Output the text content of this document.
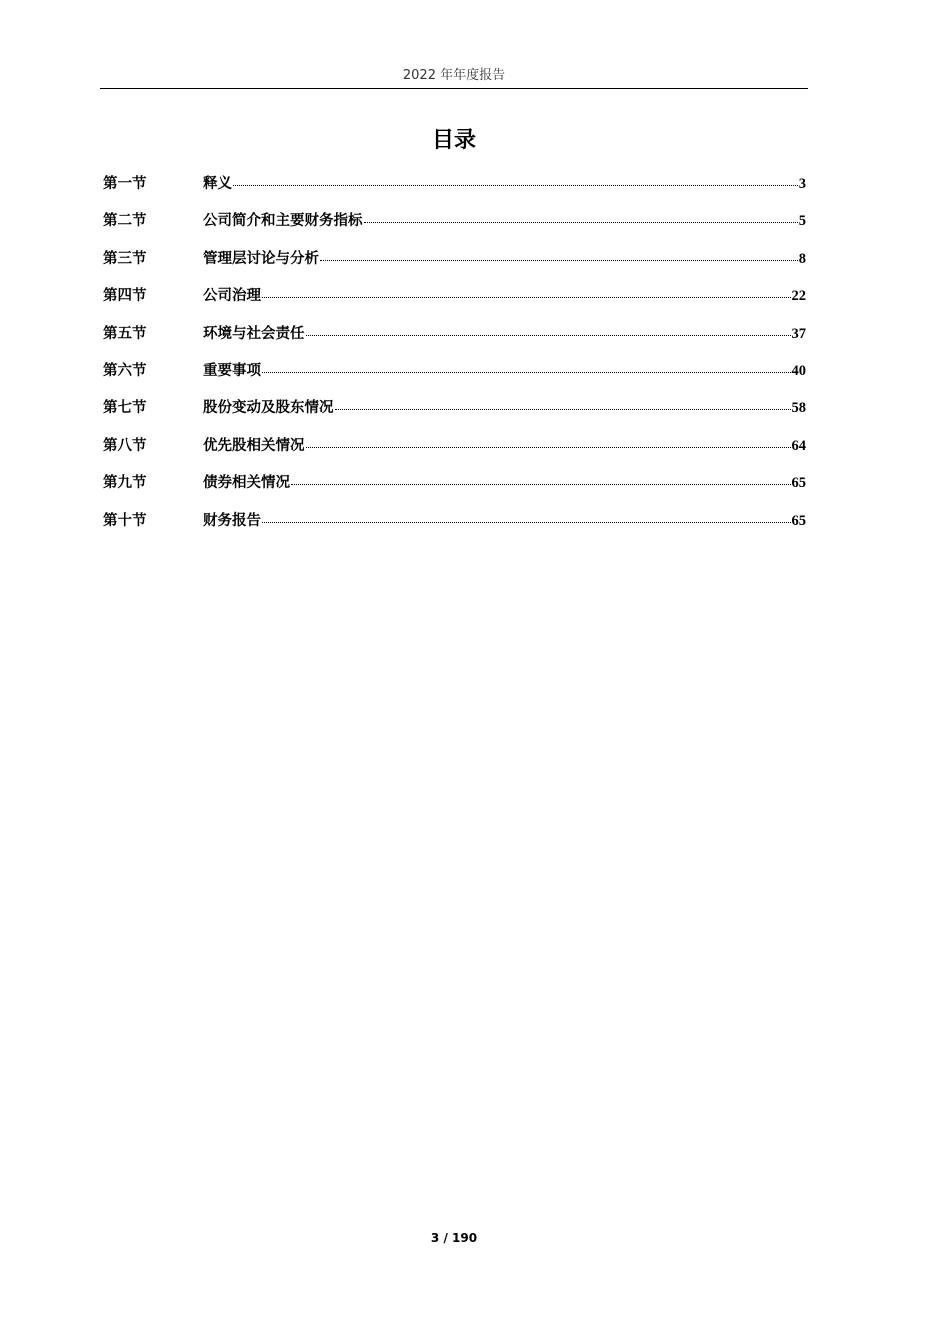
2022 年年度报告
目录
第一节	释义	3
第二节	公司简介和主要财务指标	5
第三节	管理层讨论与分析	8
第四节	公司治理	22
第五节	环境与社会责任	37
第六节	重要事项	40
第七节	股份变动及股东情况	58
第八节	优先股相关情况	64
第九节	债券相关情况	65
第十节	财务报告	65
3 / 190
